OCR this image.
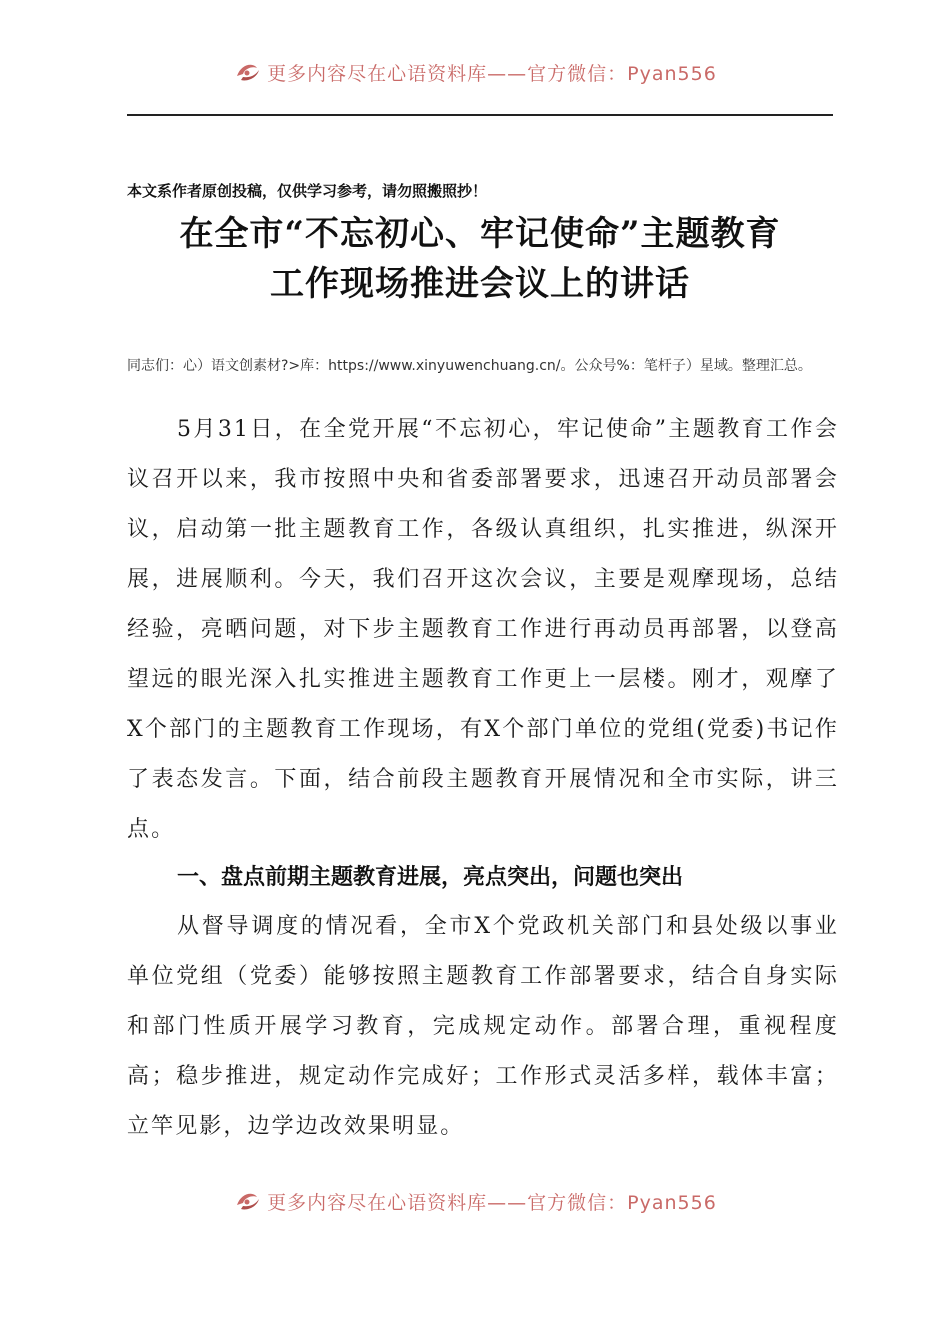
更多内容尽在心语资料库——官方微信：Pyan556
本文系作者原创投稿，仅供学习参考，请勿照搬照抄！
在全市“不忘初心、牢记使命”主题教育
工作现场推进会议上的讲话
同志们：心）语文创素材?>库：https://www.xinyuwenchuang.cn/。公众号%：笔杆子）星域。整理汇总。
5月31日，在全党开展“不忘初心，牢记使命”主题教育工作会议召开以来，我市按照中央和省委部署要求，迅速召开动员部署会议，启动第一批主题教育工作，各级认真组织，扎实推进，纵深开展，进展顺利。今天，我们召开这次会议，主要是观摩现场，总结经验，亮晒问题，对下步主题教育工作进行再动员再部署，以登高望远的眼光深入扎实推进主题教育工作更上一层楼。刚才，观摩了X个部门的主题教育工作现场，有X个部门单位的党组(党委)书记作了表态发言。下面，结合前段主题教育开展情况和全市实际，讲三点。
一、盘点前期主题教育进展，亮点突出，问题也突出
从督导调度的情况看，全市X个党政机关部门和县处级以事业单位党组（党委）能够按照主题教育工作部署要求，结合自身实际和部门性质开展学习教育，完成规定动作。部署合理，重视程度高；稳步推进，规定动作完成好；工作形式灵活多样，载体丰富；立竿见影，边学边改效果明显。
更多内容尽在心语资料库——官方微信：Pyan556
